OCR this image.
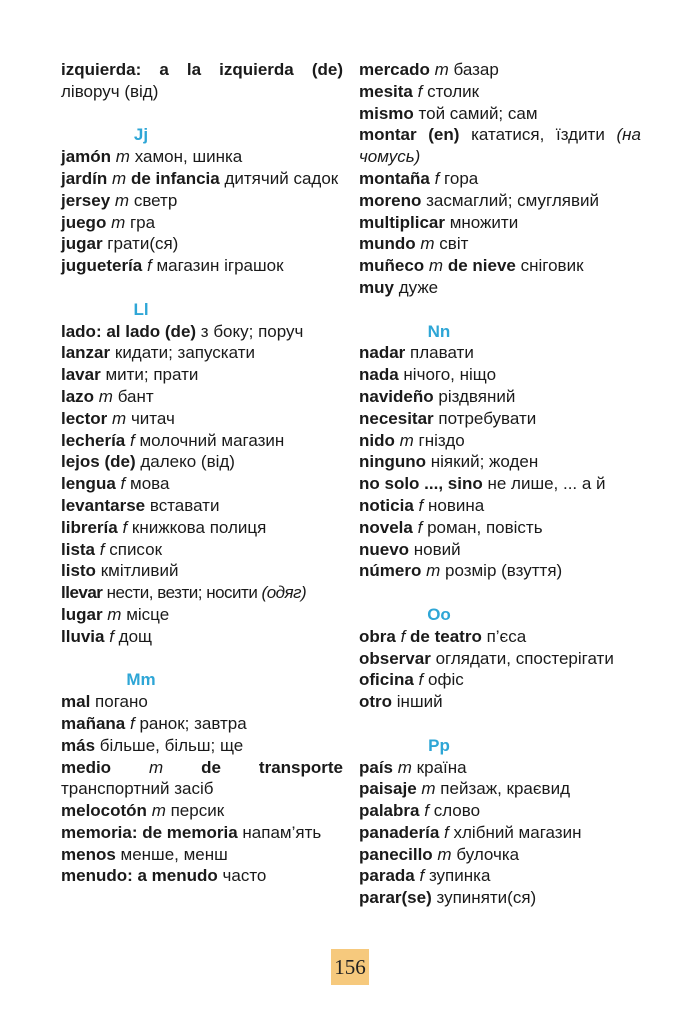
izquierda: a la izquierda (de) ліворуч (від)
Jj
jamón m хамон, шинка
jardín m de infancia дитячий садок
jersey m светр
juego m гра
jugar грати(ся)
juguetería f магазин іграшок
Ll
lado: al lado (de) з боку; поруч
lanzar кидати; запускати
lavar мити; прати
lazo m бант
lector m читач
lechería f молочний магазин
lejos (de) далеко (від)
lengua f мова
levantarse вставати
librería f книжкова полиця
lista f список
listo кмітливий
llevar нести, везти; носити (одяг)
lugar m місце
lluvia f дощ
Mm
mal погано
mañana f ранок; завтра
más більше, більш; ще
medio m de transporte транспортний засіб
melocotón m персик
memoria: de memoria напам’ять
menos менше, менш
menudo: a menudo часто
mercado m базар
mesita f столик
mismo той самий; сам
montar (en) кататися, їздити (на чомусь)
montaña f гора
moreno засмаглий; смуглявий
multiplicar множити
mundo m світ
muñeco m de nieve сніговик
muy дуже
Nn
nadar плавати
nada нічого, ніщо
navideño різдвяний
necesitar потребувати
nido m гніздо
ninguno ніякий; жоден
no solo ..., sino не лише, ... а й
noticia f новина
novela f роман, повість
nuevo новий
número m розмір (взуття)
Oo
obra f de teatro п’єса
observar оглядати, спостерігати
oficina f офіс
otro інший
Pp
país m країна
paisaje m пейзаж, краєвид
palabra f слово
panadería f хлібний магазин
panecillo m булочка
parada f зупинка
parar(se) зупиняти(ся)
156
